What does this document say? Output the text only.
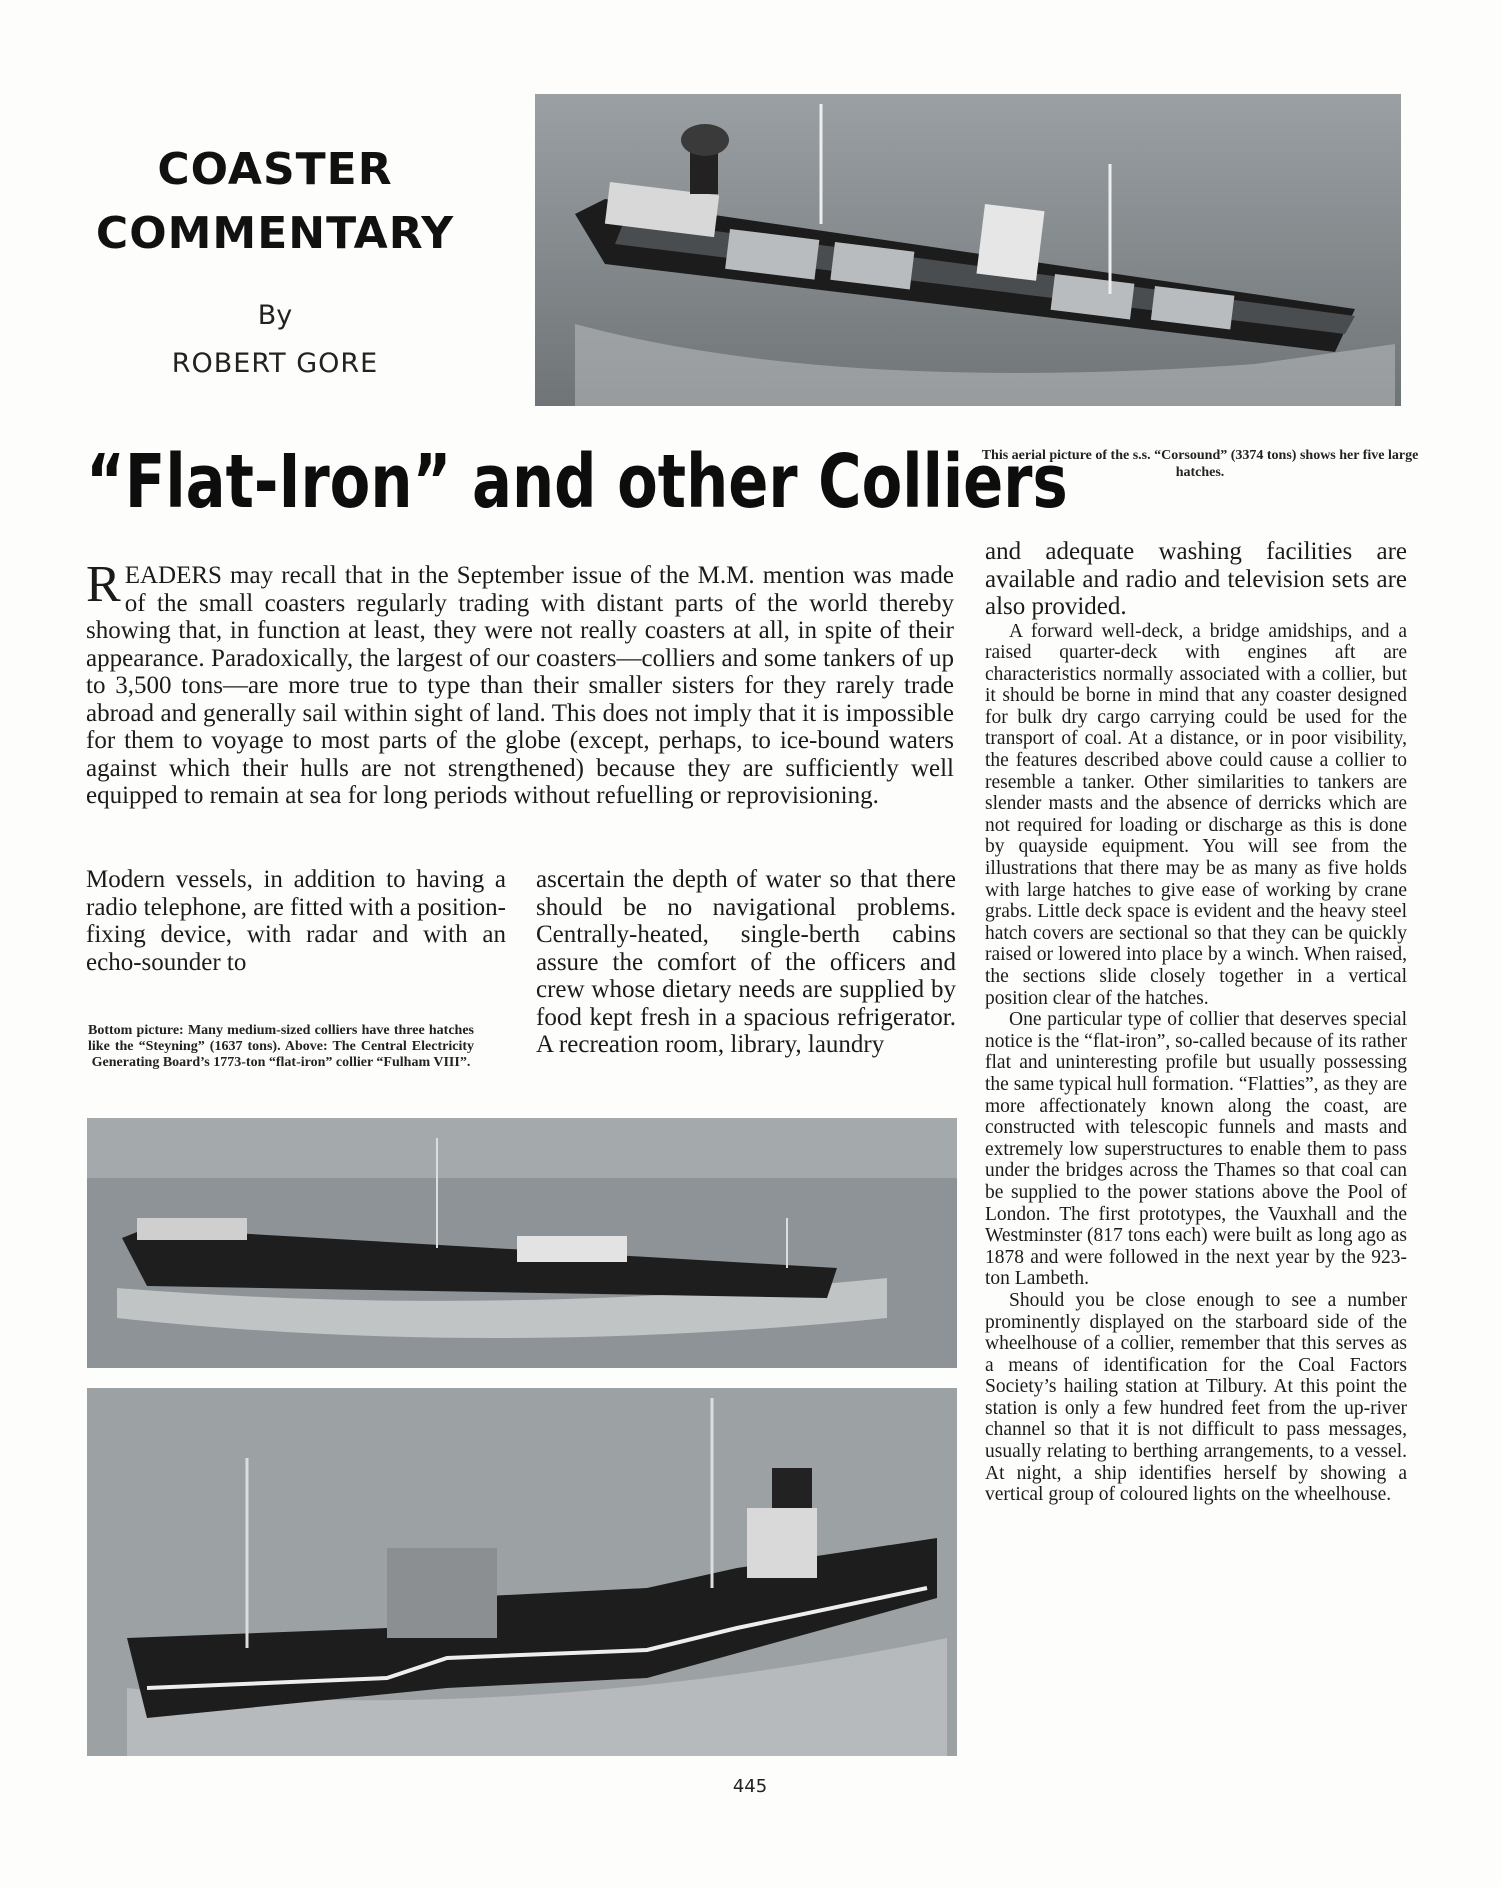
COASTER
COMMENTARY
By
ROBERT GORE
This aerial picture of the s.s. “Corsound” (3374 tons) shows her five large hatches.
“Flat-Iron” and other Colliers

READERS may recall that in the September issue of the M.M. mention was made of the small coasters regularly trading with distant parts of the world thereby showing that, in function at least, they were not really coasters at all, in spite of their appearance. Paradoxically, the largest of our coasters—colliers and some tankers of up to 3,500 tons—are more true to type than their smaller sisters for they rarely trade abroad and generally sail within sight of land. This does not imply that it is impossible for them to voyage to most parts of the globe (except, perhaps, to ice-bound waters against which their hulls are not strengthened) because they are sufficiently well equipped to remain at sea for long periods without refuelling or reprovisioning.

Modern vessels, in addition to having a radio telephone, are fitted with a position-fixing device, with radar and with an echo-sounder to

ascertain the depth of water so that there should be no navigational problems. Centrally-heated, single-berth cabins assure the comfort of the officers and crew whose dietary needs are supplied by food kept fresh in a spacious refrigerator. A recreation room, library, laundry

Bottom picture: Many medium-sized colliers have three hatches like the “Steyning” (1637 tons). Above: The Central Electricity Generating Board’s 1773-ton “flat-iron” collier “Fulham VIII”.

and adequate washing facilities are available and radio and television sets are also provided.

A forward well-deck, a bridge amidships, and a raised quarter-deck with engines aft are characteristics normally associated with a collier, but it should be borne in mind that any coaster designed for bulk dry cargo carrying could be used for the transport of coal. At a distance, or in poor visibility, the features described above could cause a collier to resemble a tanker. Other similarities to tankers are slender masts and the absence of derricks which are not required for loading or discharge as this is done by quayside equipment. You will see from the illustrations that there may be as many as five holds with large hatches to give ease of working by crane grabs. Little deck space is evident and the heavy steel hatch covers are sectional so that they can be quickly raised or lowered into place by a winch. When raised, the sections slide closely together in a vertical position clear of the hatches.

One particular type of collier that deserves special notice is the “flat-iron”, so-called because of its rather flat and uninteresting profile but usually possessing the same typical hull formation. “Flatties”, as they are more affectionately known along the coast, are constructed with telescopic funnels and masts and extremely low superstructures to enable them to pass under the bridges across the Thames so that coal can be supplied to the power stations above the Pool of London. The first prototypes, the Vauxhall and the Westminster (817 tons each) were built as long ago as 1878 and were followed in the next year by the 923-ton Lambeth.

Should you be close enough to see a number prominently displayed on the starboard side of the wheelhouse of a collier, remember that this serves as a means of identification for the Coal Factors Society’s hailing station at Tilbury. At this point the station is only a few hundred feet from the up-river channel so that it is not difficult to pass messages, usually relating to berthing arrangements, to a vessel. At night, a ship identifies herself by showing a vertical group of coloured lights on the wheelhouse.

445
